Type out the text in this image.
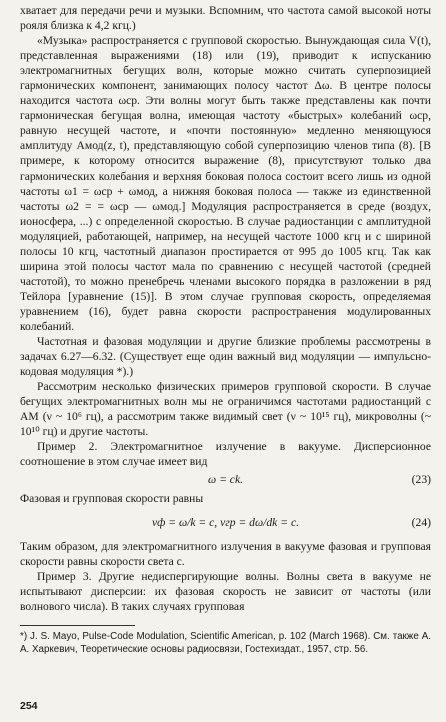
хватает для передачи речи и музыки. Вспомним, что частота самой высокой ноты рояля близка к 4,2 кгц.)

«Музыка» распространяется с групповой скоростью. Вынуждающая сила V(t), представленная выражениями (18) или (19), приводит к испусканию электромагнитных бегущих волн, которые можно считать суперпозицией гармонических компонент, занимающих полосу частот Δω. В центре полосы находится частота ωср. Эти волны могут быть также представлены как почти гармоническая бегущая волна, имеющая частоту «быстрых» колебаний ωср, равную несущей частоте, и «почти постоянную» медленно меняющуюся амплитуду Aмод(z, t), представляющую собой суперпозицию членов типа (8). [В примере, к которому относится выражение (8), присутствуют только два гармонических колебания и верхняя боковая полоса состоит всего лишь из одной частоты ω1 = ωср + ωмод, а нижняя боковая полоса — также из единственной частоты ω2 = = ωср — ωмод.] Модуляция распространяется в среде (воздух, ионосфера, ...) с определенной скоростью. В случае радиостанции с амплитудной модуляцией, работающей, например, на несущей частоте 1000 кгц и с шириной полосы 10 кгц, частотный диапазон простирается от 995 до 1005 кгц. Так как ширина этой полосы частот мала по сравнению с несущей частотой (средней частотой), то можно пренебречь членами высокого порядка в разложении в ряд Тейлора [уравнение (15)]. В этом случае групповая скорость, определяемая уравнением (16), будет равна скорости распространения модулированных колебаний.

Частотная и фазовая модуляции и другие близкие проблемы рассмотрены в задачах 6.27—6.32. (Существует еще один важный вид модуляции — импульсно-кодовая модуляция *).)

Рассмотрим несколько физических примеров групповой скорости. В случае бегущих электромагнитных волн мы не ограничимся частотами радиостанций с AM (ν ~ 10⁶ гц), а рассмотрим также видимый свет (ν ~ 10¹⁵ гц), микроволны (~ 10¹⁰ гц) и другие частоты.

Пример 2. Электромагнитное излучение в вакууме. Дисперсионное соотношение в этом случае имеет вид

ω = ck.	(23)

Фазовая и групповая скорости равны

vф = ω/k = c, vгр = dω/dk = c.	(24)

Таким образом, для электромагнитного излучения в вакууме фазовая и групповая скорости равны скорости света c.

Пример 3. Другие недиспергирующие волны. Волны света в вакууме не испытывают дисперсии: их фазовая скорость не зависит от частоты (или волнового числа). В таких случаях групповая

*) J. S. Mayo, Pulse-Code Modulation, Scientific American, p. 102 (March 1968). См. также А. А. Харкевич, Теоретические основы радиосвязи, Гостехиздат., 1957, стр. 56.
254
